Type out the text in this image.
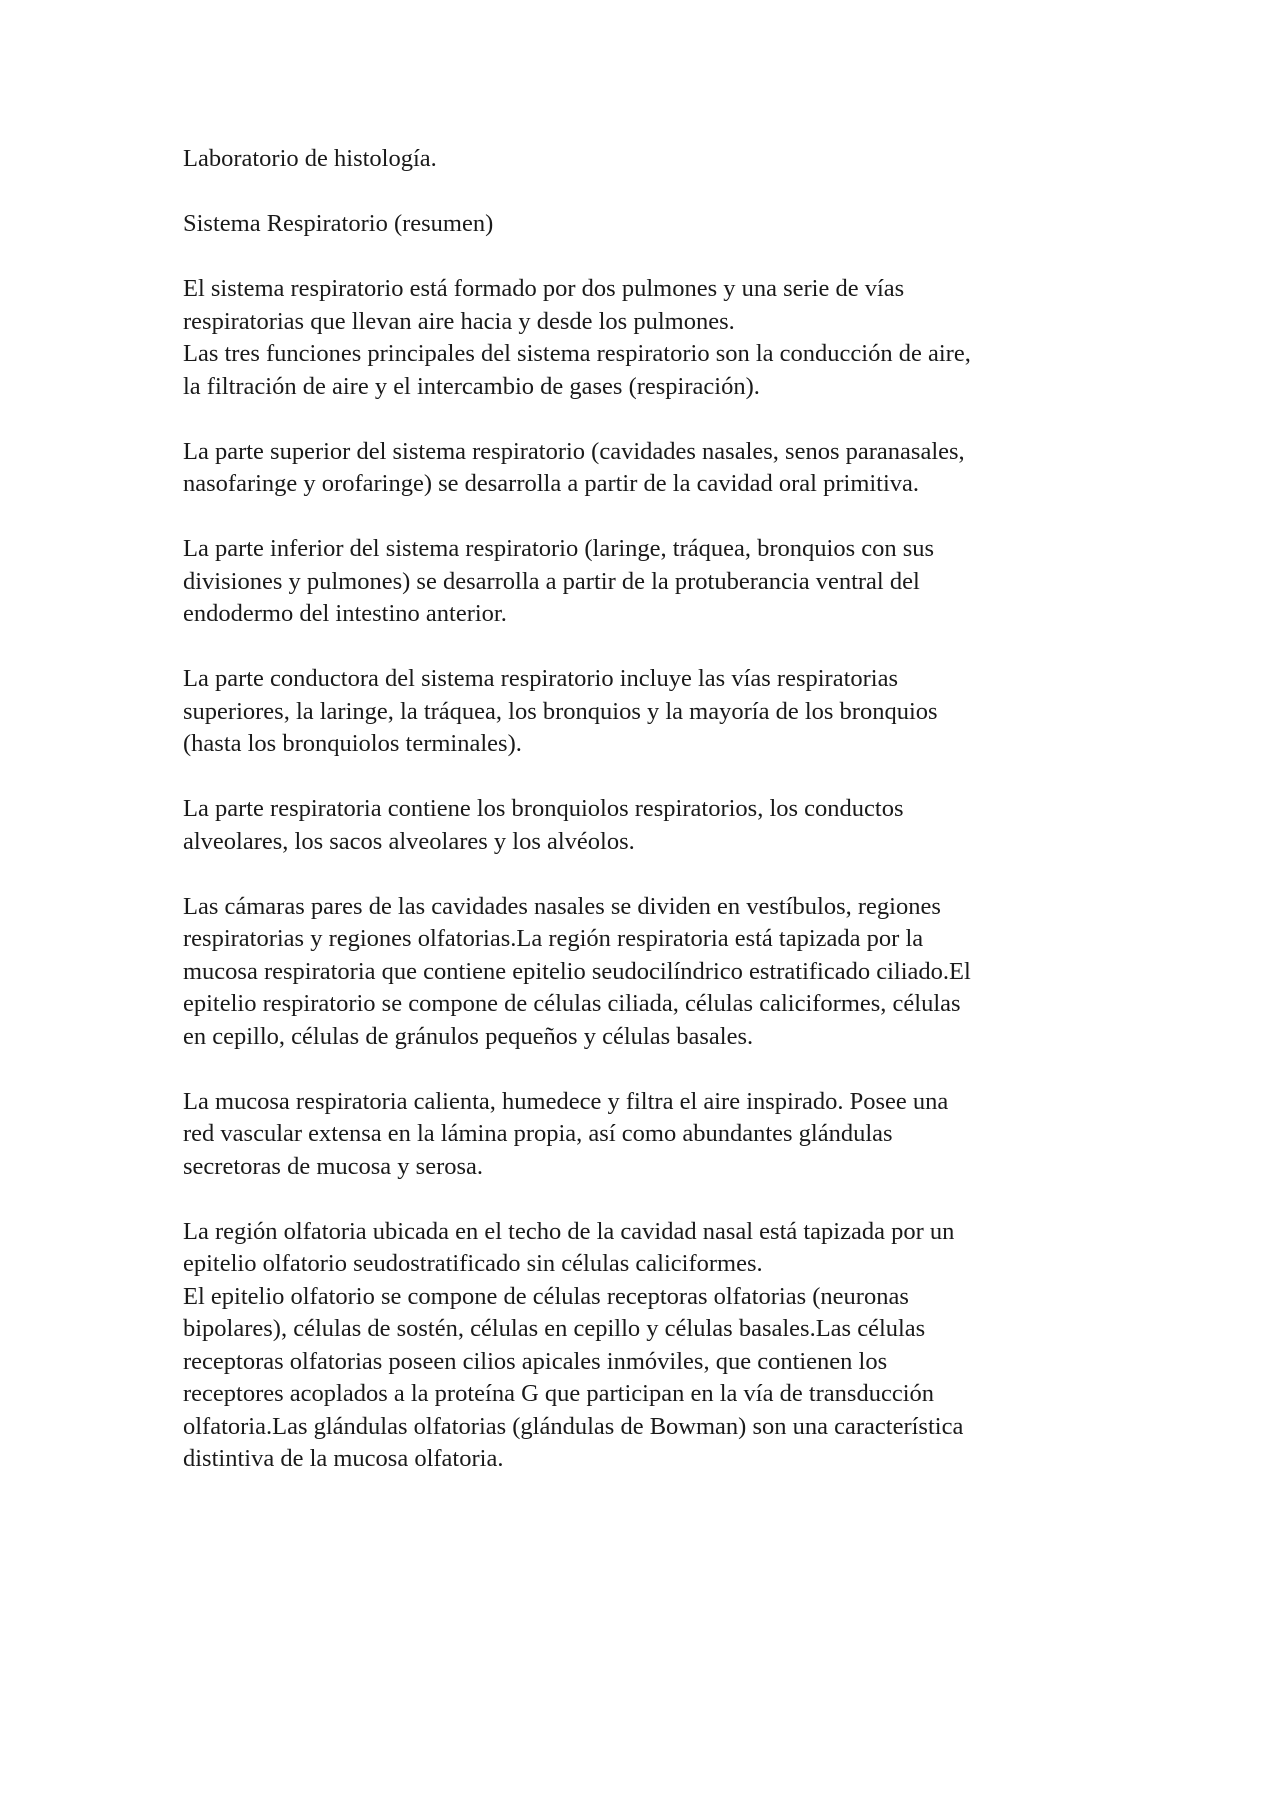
Laboratorio de histología.

Sistema Respiratorio (resumen)

El sistema respiratorio está formado por dos pulmones y una serie de vías
respiratorias que llevan aire hacia y desde los pulmones.
Las tres funciones principales del sistema respiratorio son la conducción de aire,
la filtración de aire y el intercambio de gases (respiración).

La parte superior del sistema respiratorio (cavidades nasales, senos paranasales,
nasofaringe y orofaringe) se desarrolla a partir de la cavidad oral primitiva.

La parte inferior del sistema respiratorio (laringe, tráquea, bronquios con sus
divisiones y pulmones) se desarrolla a partir de la protuberancia ventral del
endodermo del intestino anterior.

La parte conductora del sistema respiratorio incluye las vías respiratorias
superiores, la laringe, la tráquea, los bronquios y la mayoría de los bronquios
(hasta los bronquiolos terminales).

La parte respiratoria contiene los bronquiolos respiratorios, los conductos
alveolares, los sacos alveolares y los alvéolos.

Las cámaras pares de las cavidades nasales se dividen en vestíbulos, regiones
respiratorias y regiones olfatorias.La región respiratoria está tapizada por la
mucosa respiratoria que contiene epitelio seudocilíndrico estratificado ciliado.El
epitelio respiratorio se compone de células ciliada, células caliciformes, células
en cepillo, células de gránulos pequeños y células basales.

La mucosa respiratoria calienta, humedece y filtra el aire inspirado. Posee una
red vascular extensa en la lámina propia, así como abundantes glándulas
secretoras de mucosa y serosa.

La región olfatoria ubicada en el techo de la cavidad nasal está tapizada por un
epitelio olfatorio seudostratificado sin células caliciformes.
El epitelio olfatorio se compone de células receptoras olfatorias (neuronas
bipolares), células de sostén, células en cepillo y células basales.Las células
receptoras olfatorias poseen cilios apicales inmóviles, que contienen los
receptores acoplados a la proteína G que participan en la vía de transducción
olfatoria.Las glándulas olfatorias (glándulas de Bowman) son una característica
distintiva de la mucosa olfatoria.
